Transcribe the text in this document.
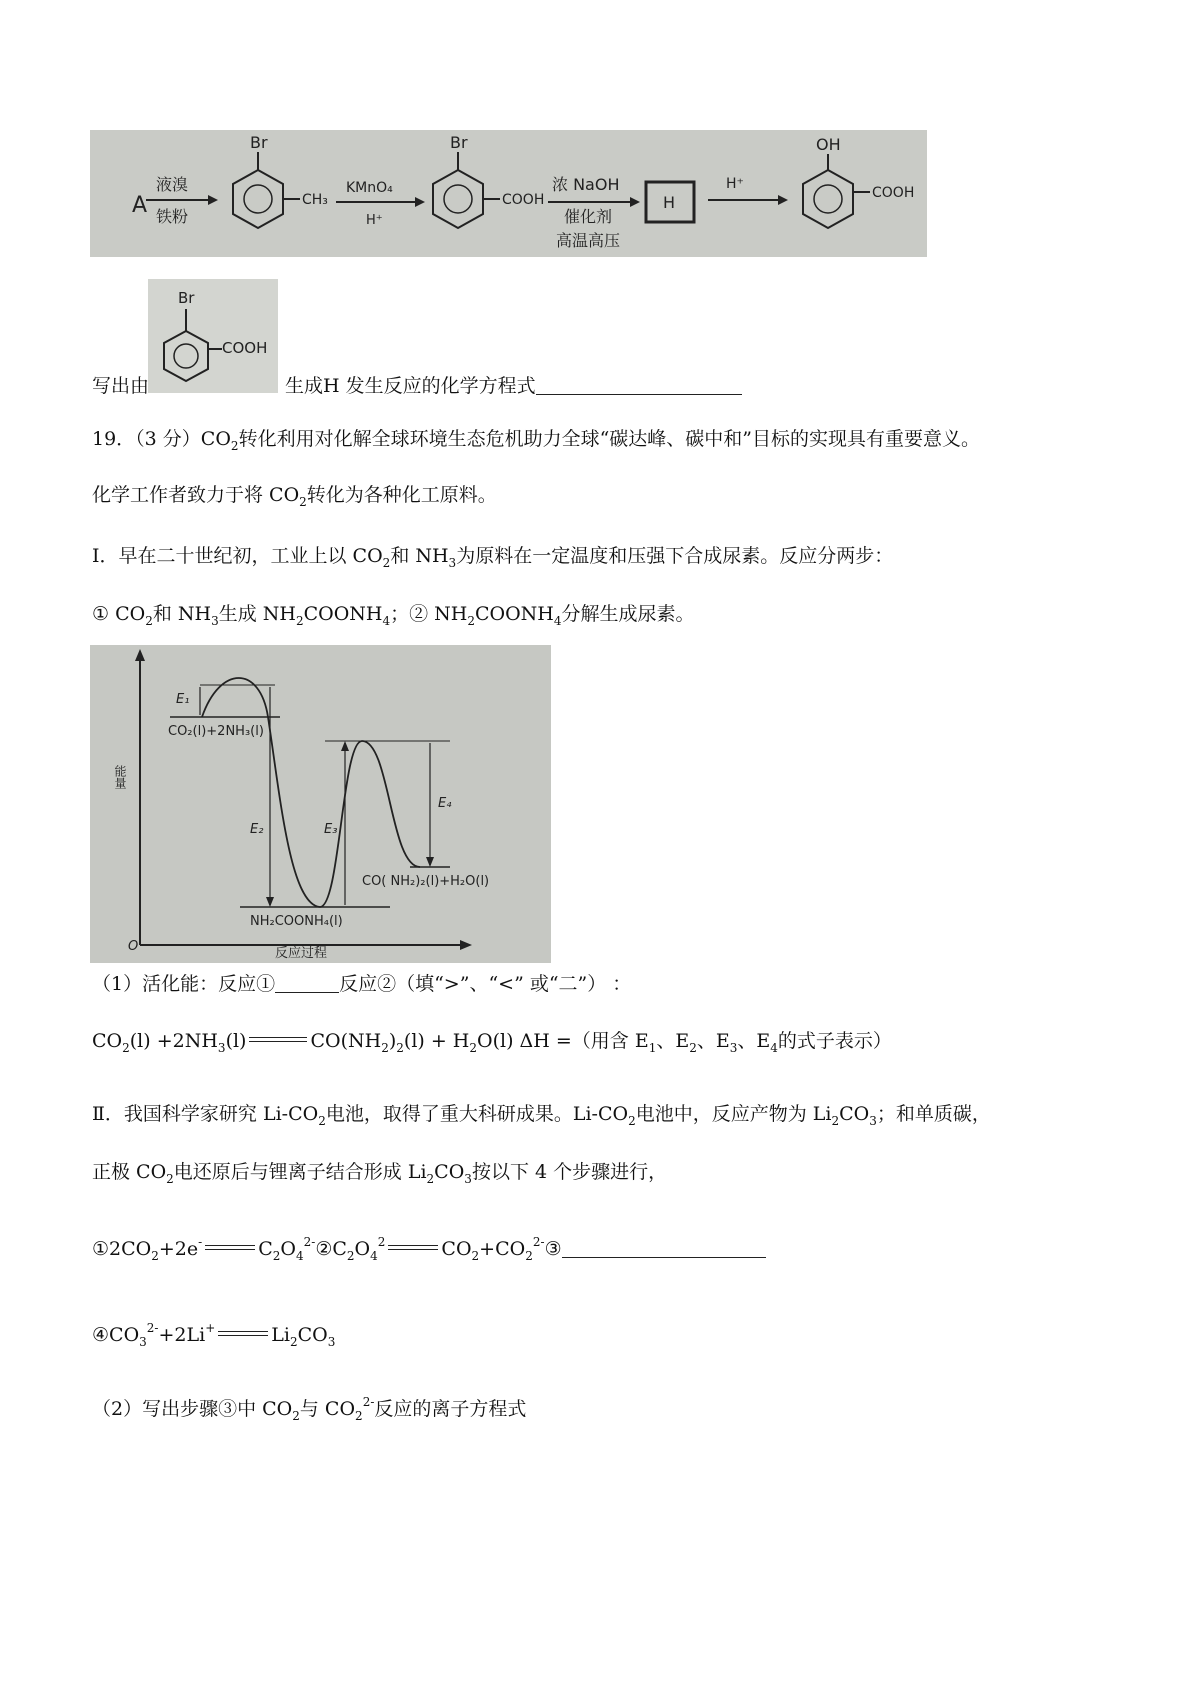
A
液溴
铁粉
Br
CH₃
KMnO₄
H⁺
Br
COOH
浓 NaOH
催化剂
高温高压
H
H⁺
OH
COOH
Br
COOH
写出由	生成H 发生反应的化学方程式
19．（3 分）$CO_2$转化利用对化解全球环境生态危机助力全球“碳达峰、碳中和”目标的实现具有重要意义。
化学工作者致力于将 $CO_2$转化为各种化工原料。
Ⅰ．早在二十世纪初，工业上以 $CO_2$和 $NH_3$为原料在一定温度和压强下合成尿素。反应分两步：
① $CO_2$和 $NH_3$生成 $NH_2COONH_4$；② $NH_2COONH_4$分解生成尿素。
O
能量
反应过程
E₁
E₂	E₃
E₄
CO₂(l)+2NH₃(l)
NH₂COONH₄(l)
CO( NH₂)₂(l)+H₂O(l)
（1）活化能：反应①	反应②（填“>”、“<” 或“二”） ：
$CO_2(l) +2NH_3(l)$	$CO(NH_2)_2(l) + H_2O(l)$ ΔH =（用含 $E_1$、$E_2$、$E_3$、$E_4$的式子表示）
Ⅱ．我国科学家研究 $Li-CO_2$电池，取得了重大科研成果。$Li-CO_2$电池中，反应产物为 $Li_2CO_3$；和单质碳，
正极 $CO_2$电还原后与锂离子结合形成 $Li_2CO_3$按以下 4 个步骤进行，
$①2CO_2+2e^-$	$C_2O_4^{2-}②C_2O_4^2$	$CO_2+CO_2^{2-}③$
$④CO_3^{2-}+2Li^+$	$Li_2CO_3$
（2）写出步骤③中 $CO_2$与 $CO_2^{2-}$反应的离子方程式
